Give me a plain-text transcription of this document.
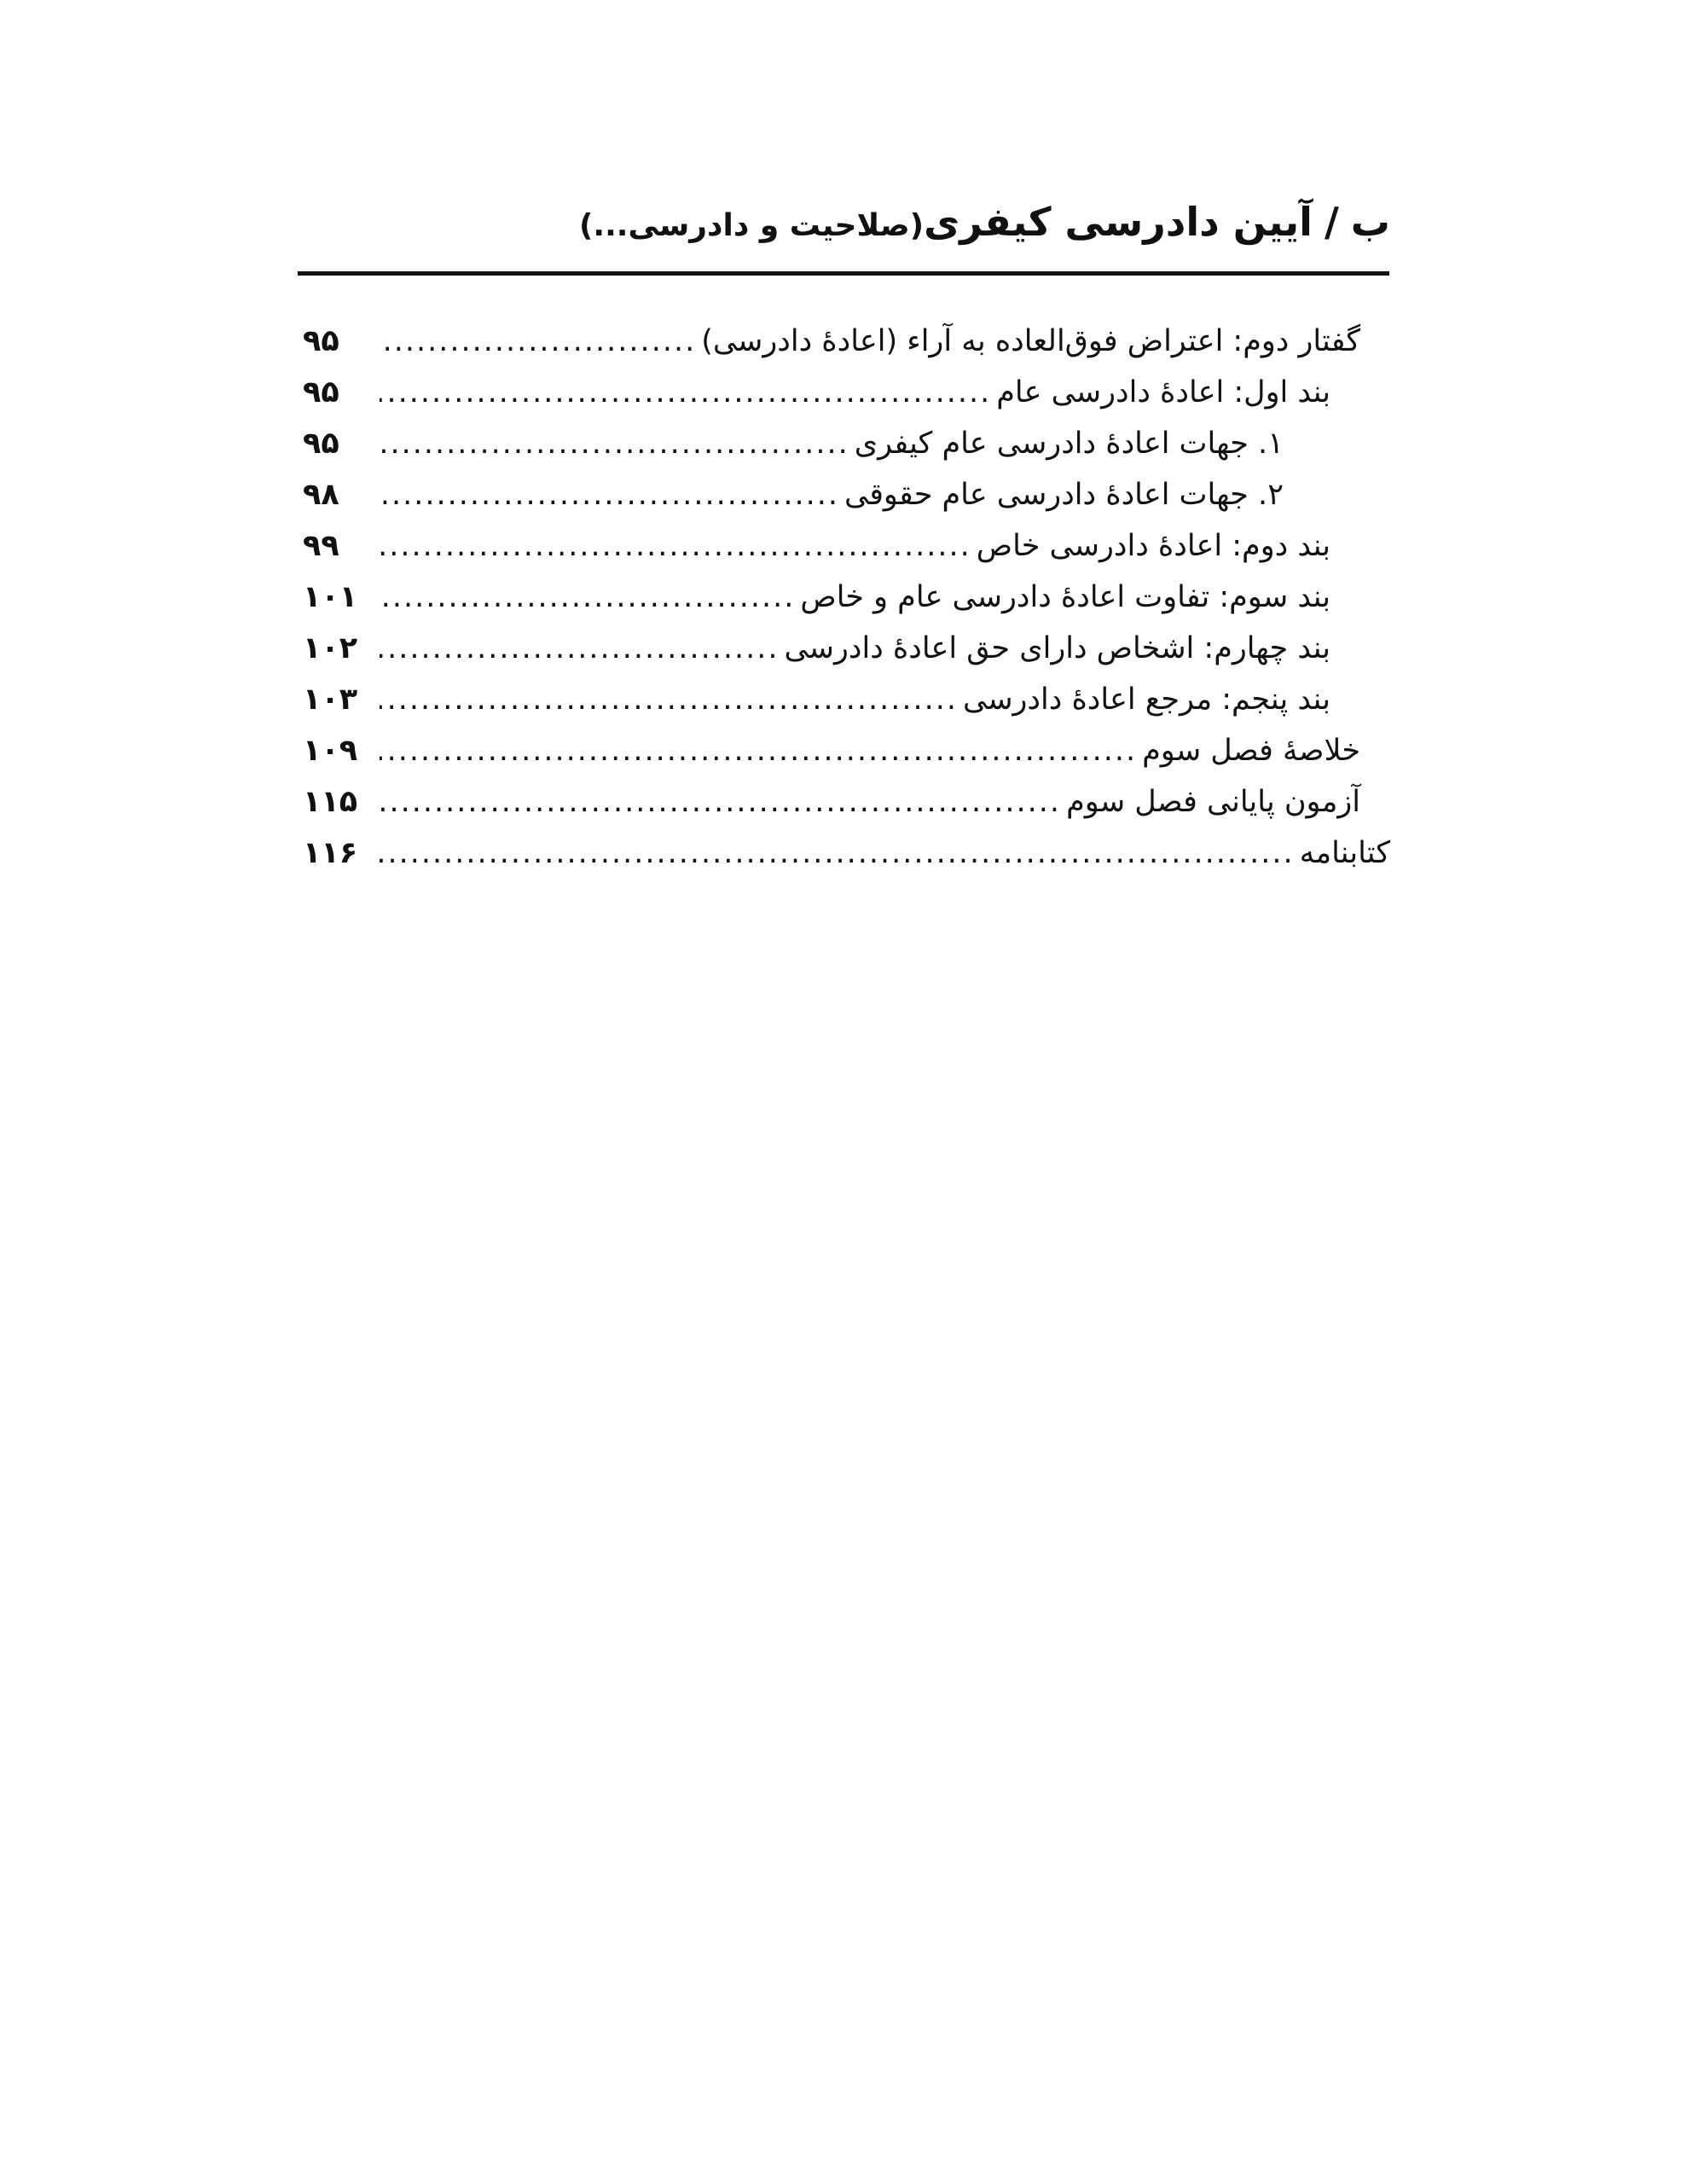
ب/آیین دادرسی کیفری(صلاحیت و دادرسی...)
گفتار دوم: اعتراض فوق‌العاده به آراء (اعادهٔ دادرسی)
.....
۹۵
بند اول: اعادهٔ دادرسی عام
.....
۹۵
۱. جهات اعادهٔ دادرسی عام کیفری
.....
۹۵
۲. جهات اعادهٔ دادرسی عام حقوقی
.....
۹۸
بند دوم: اعادهٔ دادرسی خاص
.....
۹۹
بند سوم: تفاوت اعادهٔ دادرسی عام و خاص
.....
۱۰۱
بند چهارم: اشخاص دارای حق اعادهٔ دادرسی
.....
۱۰۲
بند پنجم: مرجع اعادهٔ دادرسی
.....
۱۰۳
خلاصهٔ فصل سوم
.....
۱۰۹
آزمون پایانی فصل سوم
.....
۱۱۵
کتابنامه
.....
۱۱۶
